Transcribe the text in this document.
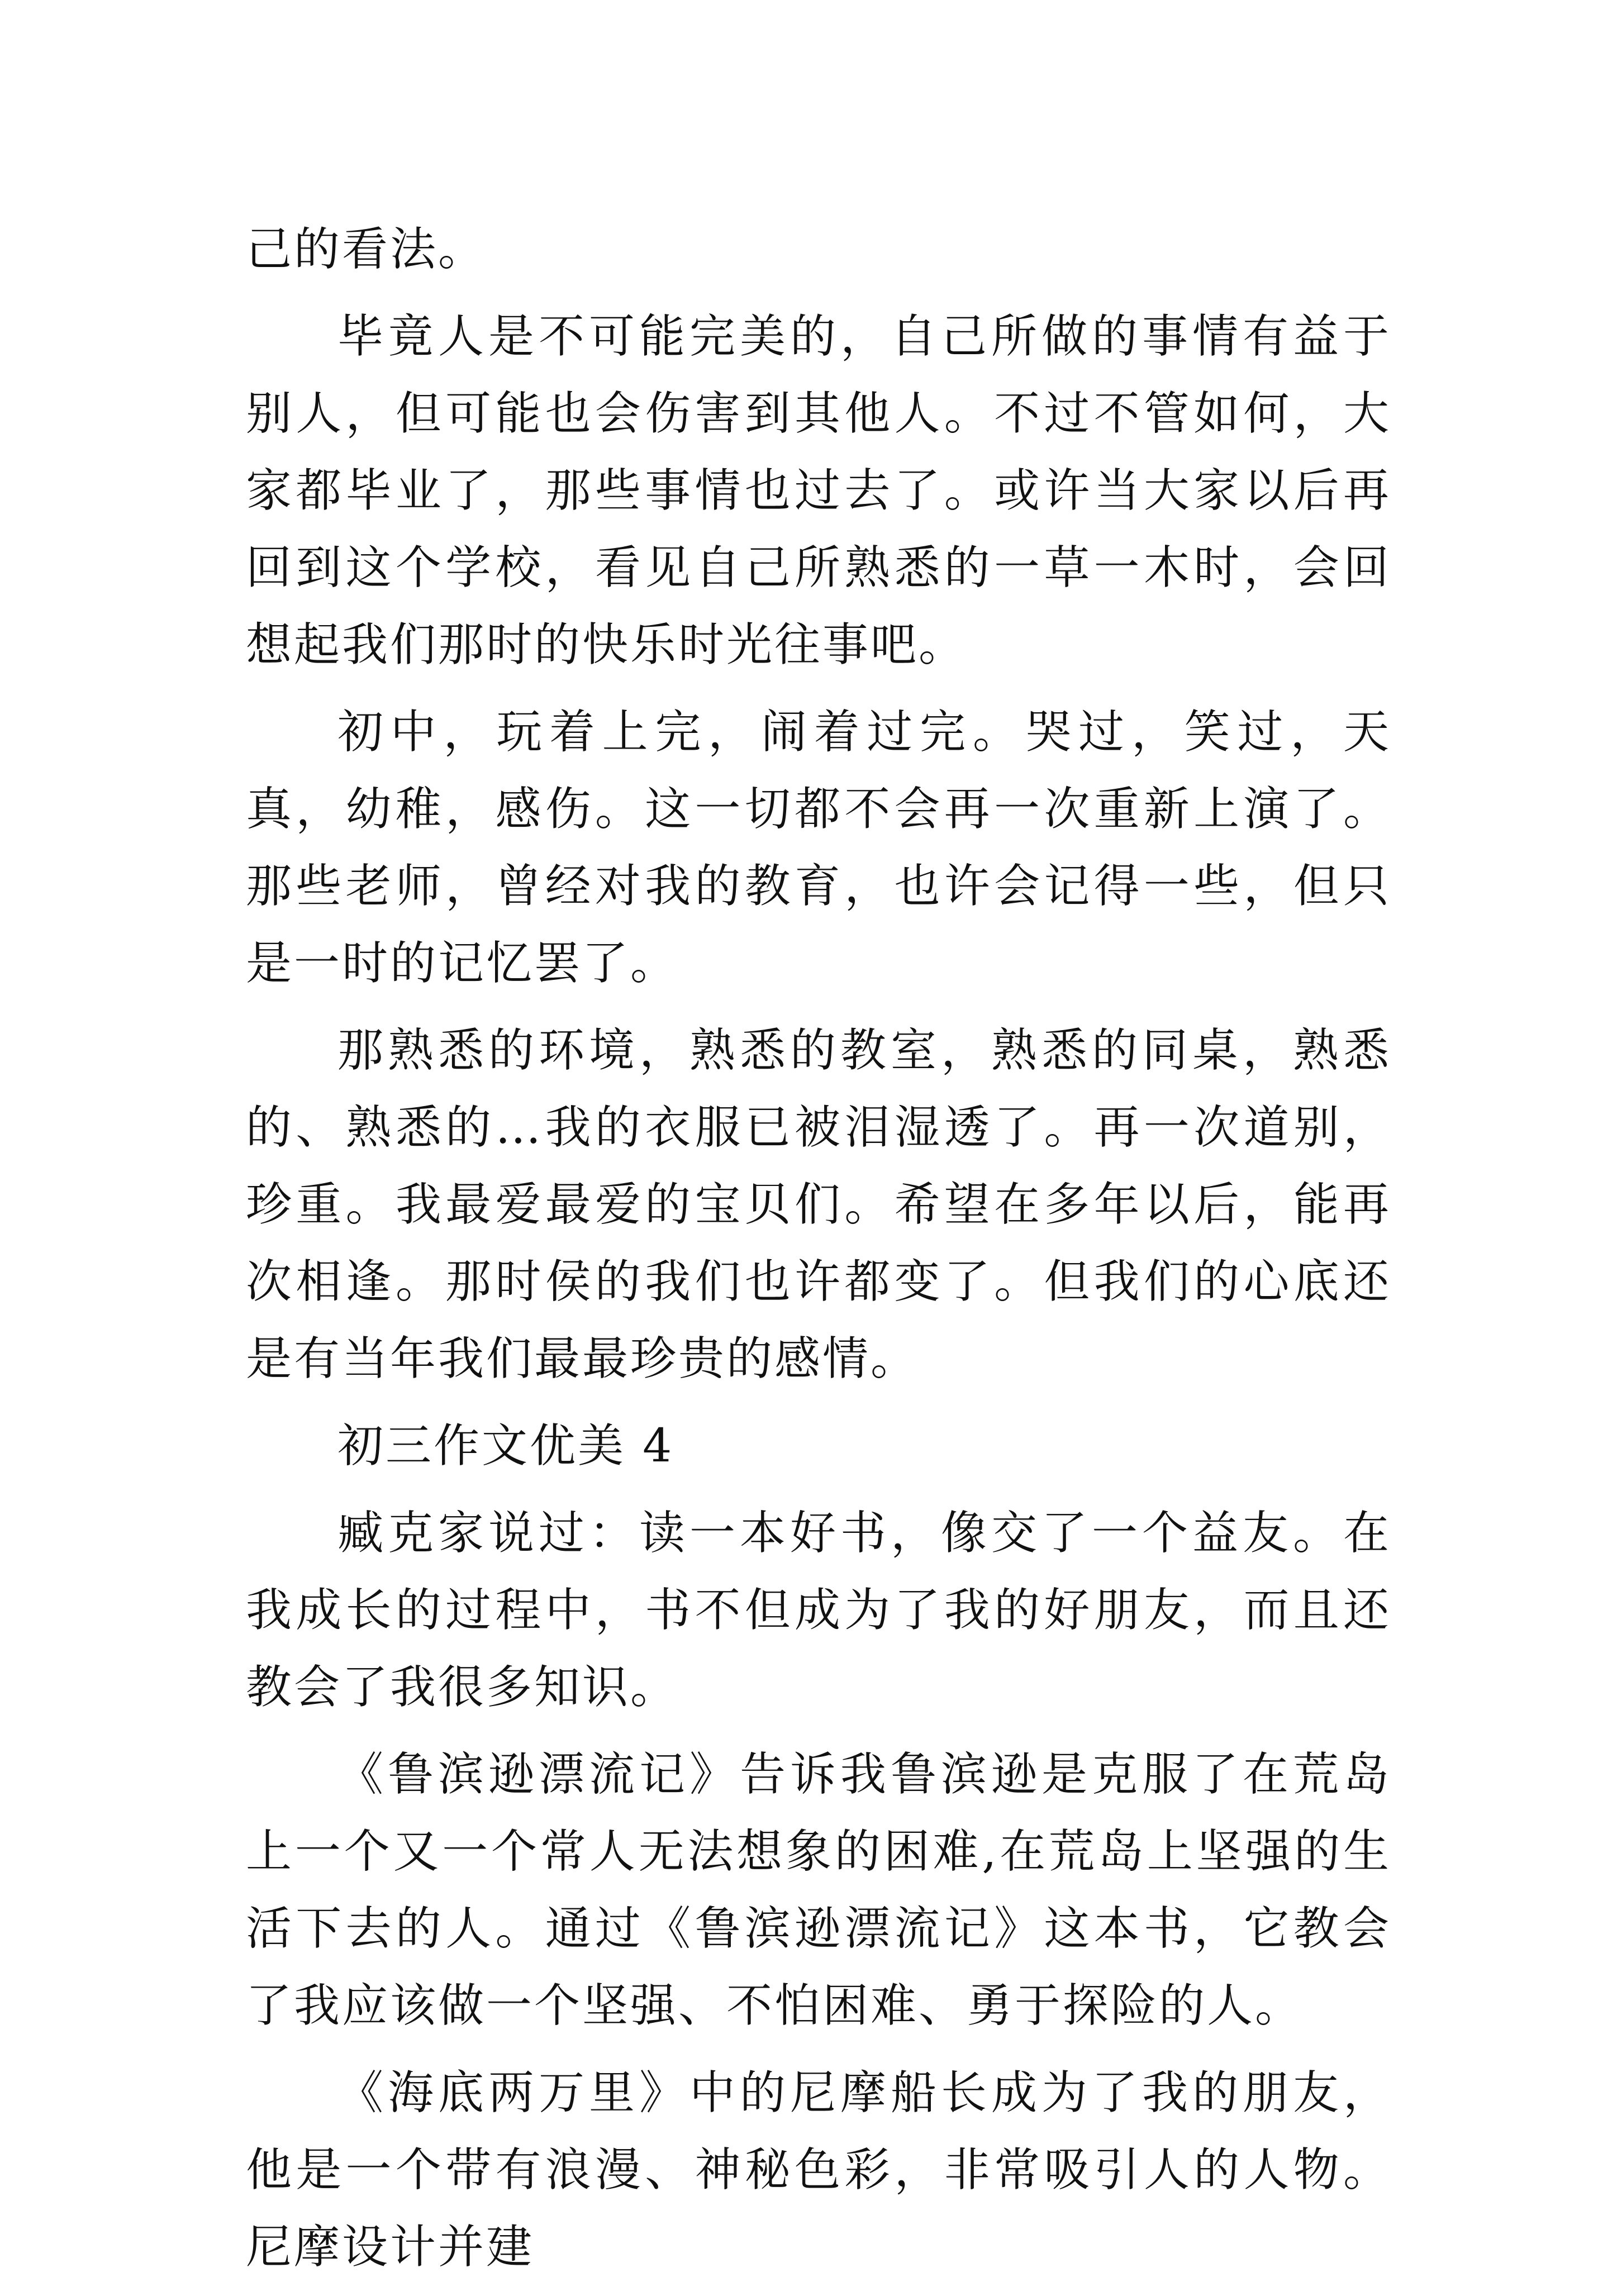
己的看法。

毕竟人是不可能完美的，自己所做的事情有益于别人，但可能也会伤害到其他人。不过不管如何，大家都毕业了，那些事情也过去了。或许当大家以后再回到这个学校，看见自己所熟悉的一草一木时，会回想起我们那时的快乐时光往事吧。

初中，玩着上完，闹着过完。哭过，笑过，天真，幼稚，感伤。这一切都不会再一次重新上演了。那些老师，曾经对我的教育，也许会记得一些，但只是一时的记忆罢了。

那熟悉的环境，熟悉的教室，熟悉的同桌，熟悉的、熟悉的…我的衣服已被泪湿透了。再一次道别，珍重。我最爱最爱的宝贝们。希望在多年以后，能再次相逢。那时侯的我们也许都变了。但我们的心底还是有当年我们最最珍贵的感情。

初三作文优美 4

臧克家说过：读一本好书，像交了一个益友。在我成长的过程中，书不但成为了我的好朋友，而且还教会了我很多知识。

《鲁滨逊漂流记》告诉我鲁滨逊是克服了在荒岛上一个又一个常人无法想象的困难,在荒岛上坚强的生活下去的人。通过《鲁滨逊漂流记》这本书，它教会了我应该做一个坚强、不怕困难、勇于探险的人。

《海底两万里》中的尼摩船长成为了我的朋友，他是一个带有浪漫、神秘色彩，非常吸引人的人物。尼摩设计并建
